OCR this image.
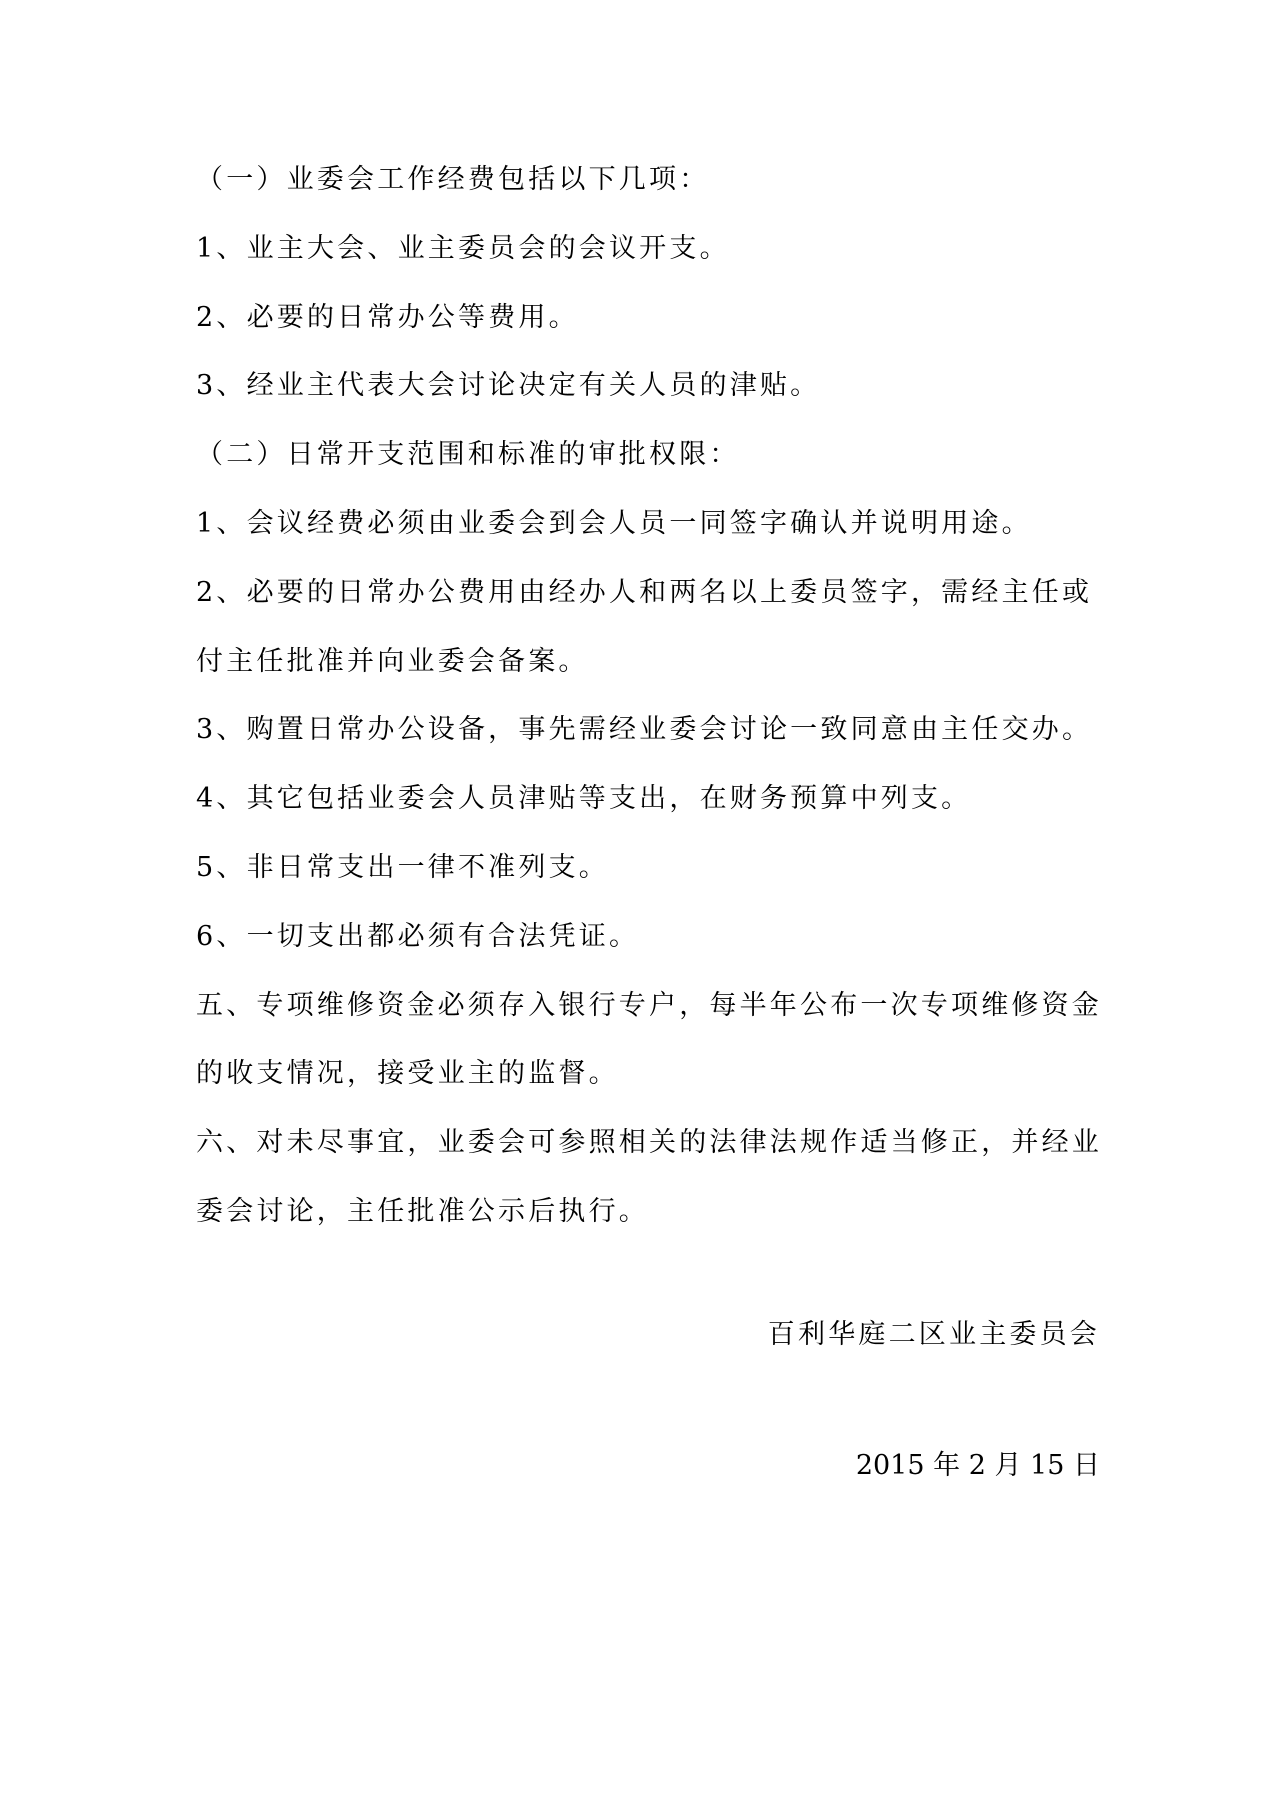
（一）业委会工作经费包括以下几项：
1、业主大会、业主委员会的会议开支。
2、必要的日常办公等费用。
3、经业主代表大会讨论决定有关人员的津贴。
（二）日常开支范围和标准的审批权限：
1、会议经费必须由业委会到会人员一同签字确认并说明用途。
2、必要的日常办公费用由经办人和两名以上委员签字，需经主任或
付主任批准并向业委会备案。
3、购置日常办公设备，事先需经业委会讨论一致同意由主任交办。
4、其它包括业委会人员津贴等支出，在财务预算中列支。
5、非日常支出一律不准列支。
6、一切支出都必须有合法凭证。
五、专项维修资金必须存入银行专户，每半年公布一次专项维修资金
的收支情况，接受业主的监督。
六、对未尽事宜，业委会可参照相关的法律法规作适当修正，并经业
委会讨论，主任批准公示后执行。
百利华庭二区业主委员会
2015 年 2 月 15 日
